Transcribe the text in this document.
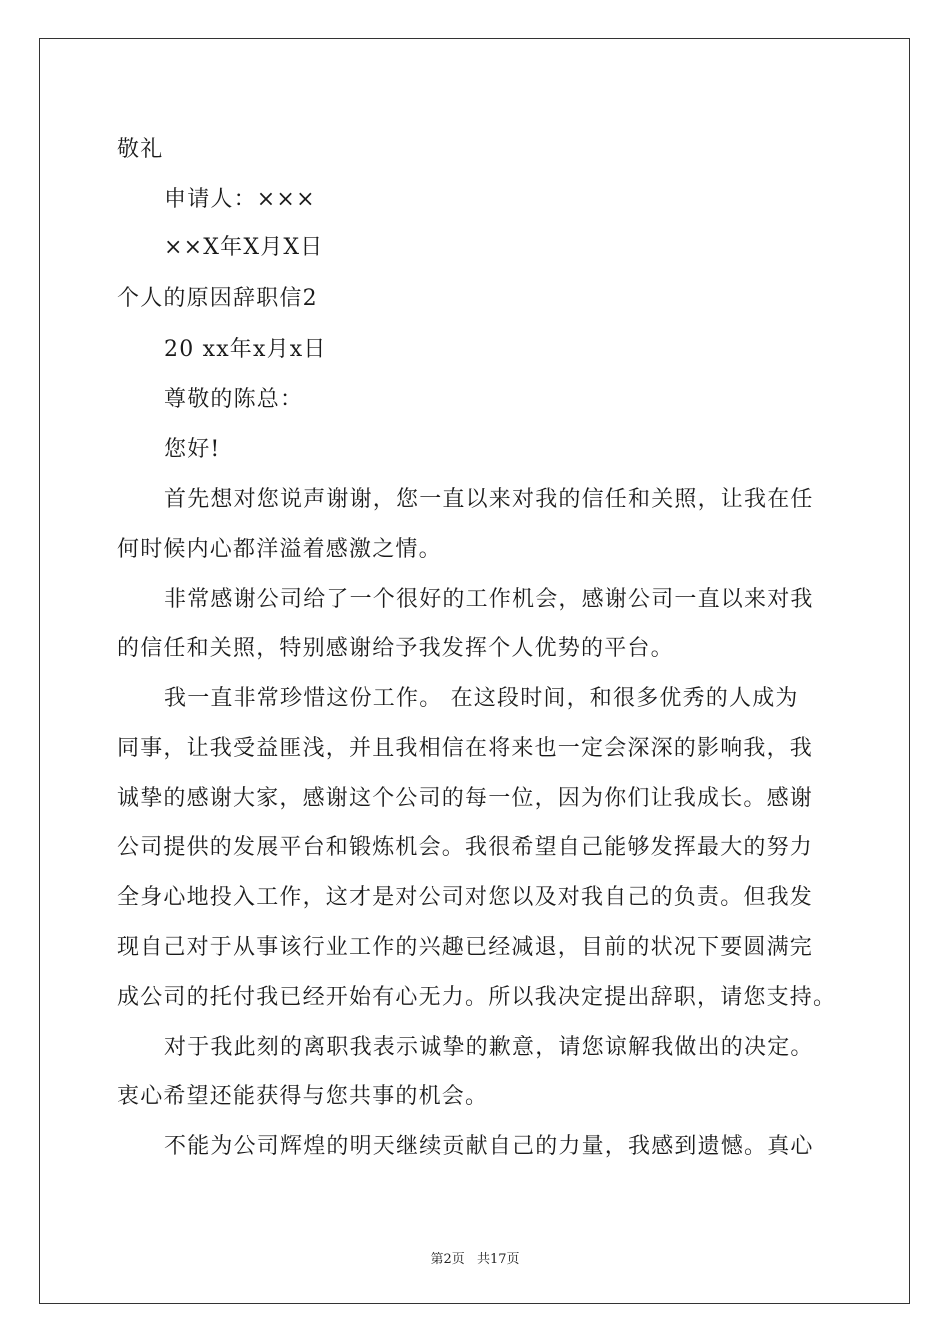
敬礼
申请人：×××
××X年X月X日
个人的原因辞职信2
20 xx年x月x日
尊敬的陈总：
您好!
首先想对您说声谢谢，您一直以来对我的信任和关照，让我在任
何时候内心都洋溢着感激之情。
非常感谢公司给了一个很好的工作机会，感谢公司一直以来对我
的信任和关照，特别感谢给予我发挥个人优势的平台。
我一直非常珍惜这份工作。 在这段时间，和很多优秀的人成为
同事，让我受益匪浅，并且我相信在将来也一定会深深的影响我，我
诚挚的感谢大家，感谢这个公司的每一位，因为你们让我成长。感谢
公司提供的发展平台和锻炼机会。我很希望自己能够发挥最大的努力
全身心地投入工作，这才是对公司对您以及对我自己的负责。但我发
现自己对于从事该行业工作的兴趣已经减退，目前的状况下要圆满完
成公司的托付我已经开始有心无力。所以我决定提出辞职，请您支持。
对于我此刻的离职我表示诚挚的歉意，请您谅解我做出的决定。
衷心希望还能获得与您共事的机会。
不能为公司辉煌的明天继续贡献自己的力量，我感到遗憾。真心
第2页 共17页
